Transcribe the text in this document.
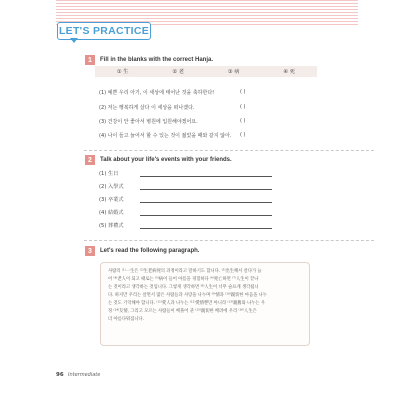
LET'S PRACTICE
1	Fill in the blanks with the correct Hanja.
① 生	② 老	③ 病	④ 死
(1) 예쁜 우리 아기, 이 세상에 태어난 것을 축하한다!	( )
(2) 저는 행복하게 살다 이 세상을 떠나겠다.	( )
(3) 건강이 안 좋아서 병원에 입원해야겠어요.	( )
(4) 나이 들고 늙어서 할 수 있는 것이 젊었을 때와 같지 않아. ( )
2	Talk about your life's events with your friends.
(1) 生日
(2) 入學式
(3) 卒業式
(4) 結婚式
(5) 葬禮式
3	Let's read the following paragraph.
사람의 ⁽¹⁾一生은 ⁽²⁾生老病死의 과정이라고 말하기도 합니다. ⁽³⁾出生해서 살다가 늙
어 ⁽⁴⁾老人이 되고 때로는 ⁽⁵⁾病이 들어 아픔을 경험하다 ⁽⁶⁾死亡하면 ⁽⁷⁾人生이 끝나
는 것이라고 생각하는 것입니다. 그렇게 생각하면 ⁽⁸⁾人生이 너무 슬프게 생각됩니
다. 하지만 우리는 살면서 많은 사람들과 사랑을 나누며 ⁽⁹⁾情과 ⁽¹⁰⁾親切한 마음을 나누
는 것도 기억해야 합니다. ⁽¹¹⁾愛人과 나누는 ⁽¹²⁾愛情뿐만 아니라 ⁽¹³⁾親舊와 나누는 우
정 ⁽¹⁴⁾友情, 그리고 모르는 사람들이 베풀어 준 ⁽¹⁵⁾親切한 배려에 우리 ⁽¹⁶⁾人生은
더 아름다워집니다.
96 Intermediate
